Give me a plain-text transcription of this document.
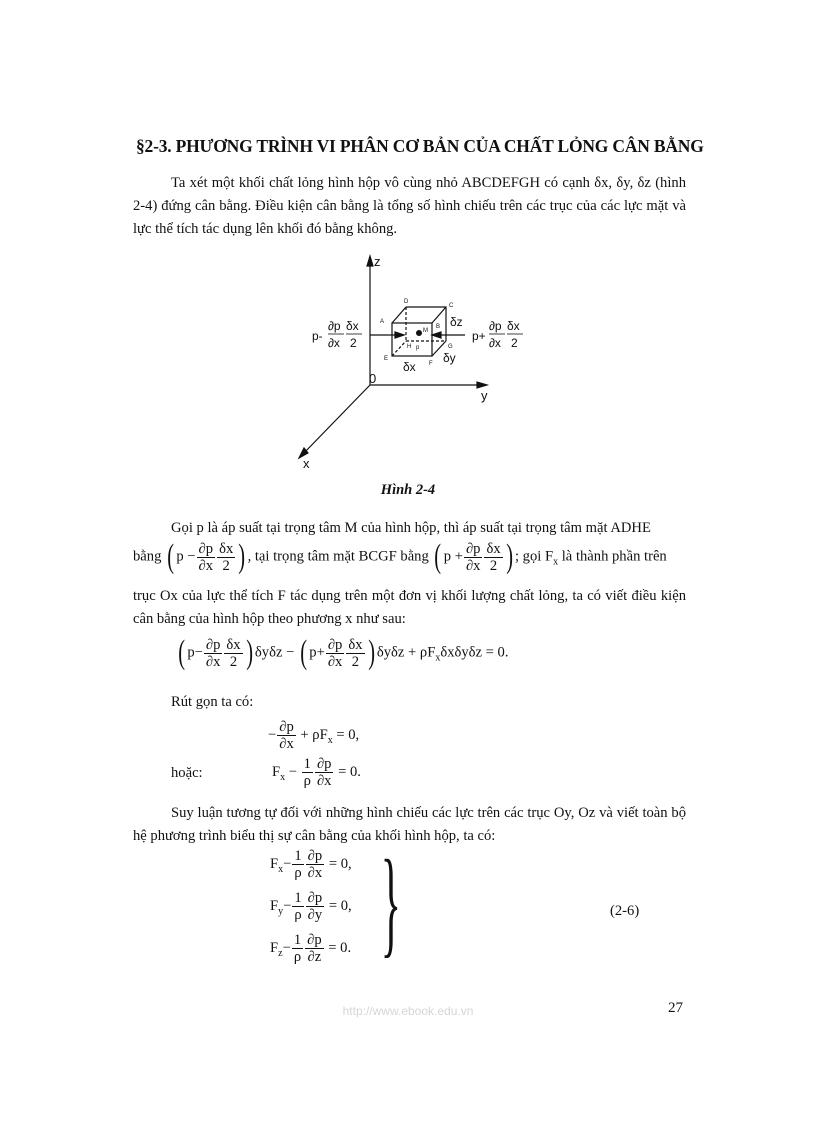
§2-3. PHƯƠNG TRÌNH VI PHÂN CƠ BẢN CỦA CHẤT LỎNG CÂN BẰNG

Ta xét một khối chất lỏng hình hộp vô cùng nhỏ ABCDEFGH có cạnh δx, δy, δz (hình 2-4) đứng cân bằng. Điều kiện cân bằng là tổng số hình chiếu trên các trục của các lực mặt và lực thể tích tác dụng lên khối đó bằng không.

z
y
x
0
A
B
C
D
E
F
G
H
M
p
δz
δy
δx
p-
∂p
∂x
δx
2	p+
∂p
∂x
δx
2
Hình 2-4
Gọi p là áp suất tại trọng tâm M của hình hộp, thì áp suất tại trọng tâm mặt ADHE
bằng ( $p - \frac{\partial p}{\partial x} \frac{\delta x}{2}$ ) , tại trọng tâm mặt BCGF bằng ( $p + \frac{\partial p}{\partial x} \frac{\delta x}{2}$ ) ; gọi $F_x$ là thành phần trên
trục Ox của lực thể tích F tác dụng trên một đơn vị khối lượng chất lỏng, ta có viết điều kiện cân bằng của hình hộp theo phương x như sau:
( $p- \frac{\partial p}{\partial x} \frac{\delta x}{2}$ ) δyδz − ( $p+ \frac{\partial p}{\partial x} \frac{\delta x}{2}$ ) $\delta y\delta z + \rho F_x\delta x\delta y\delta z = 0$.
Rút gọn ta có:
− $\frac{\partial p}{\partial x} + \rho F_x = 0$,
hoặc:	$F_x - \frac{1}{\rho} \frac{\partial p}{\partial x} = 0$.

Suy luận tương tự đối với những hình chiếu các lực trên các trục Oy, Oz và viết toàn bộ hệ phương trình biểu thị sự cân bằng của khối hình hộp, ta có:

$F_x- \frac{1}{\rho} \frac{\partial p}{\partial x} = 0$,
$F_y- \frac{1}{\rho} \frac{\partial p}{\partial y} = 0$,
$F_z- \frac{1}{\rho} \frac{\partial p}{\partial z} = 0$. }	(2-6)
http://www.ebook.edu.vn	27
